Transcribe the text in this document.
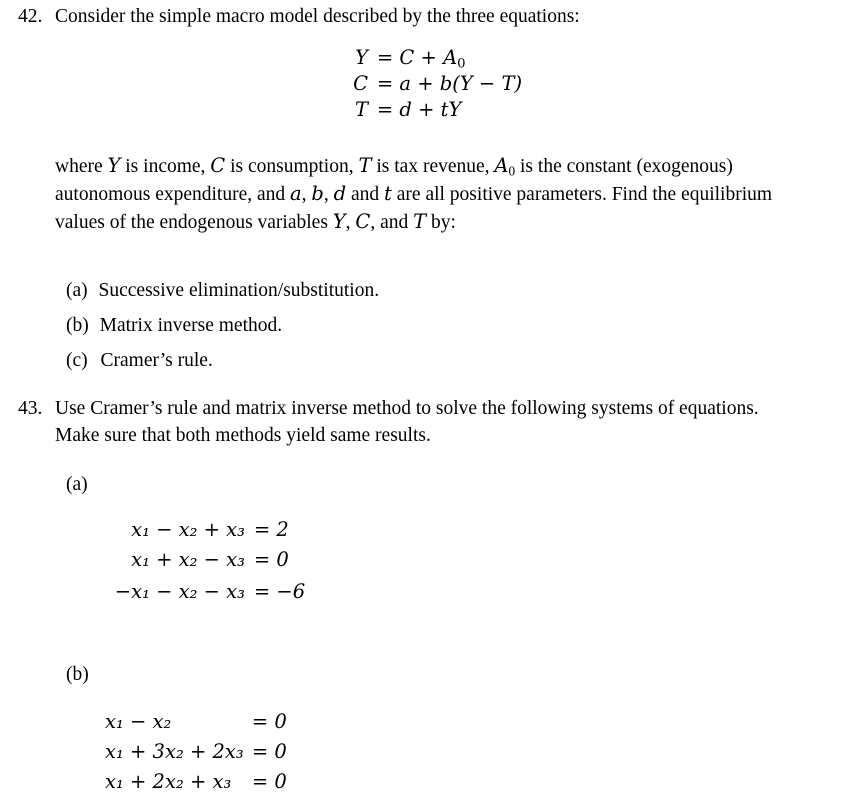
42. Consider the simple macro model described by the three equations:
$Y = C + A_0$
C = a + b(Y − T)
T = d + tY
where Y is income, C is consumption, T is tax revenue, $A_0$ is the constant (exogenous) autonomous expenditure, and a, b, d and t are all positive parameters. Find the equilibrium values of the endogenous variables Y, C, and T by:
(a) Successive elimination/substitution.
(b) Matrix inverse method.
(c) Cramer’s rule.
43. Use Cramer’s rule and matrix inverse method to solve the following systems of equations.
Make sure that both methods yield same results.
(a)
x₁ − x₂ + x₃ = 2
x₁ + x₂ − x₃ = 0
−x₁ − x₂ − x₃ = −6
(b)
x₁ − x₂	= 0
x₁ + 3x₂ + 2x₃ = 0
x₁ + 2x₂ + x₃ = 0
